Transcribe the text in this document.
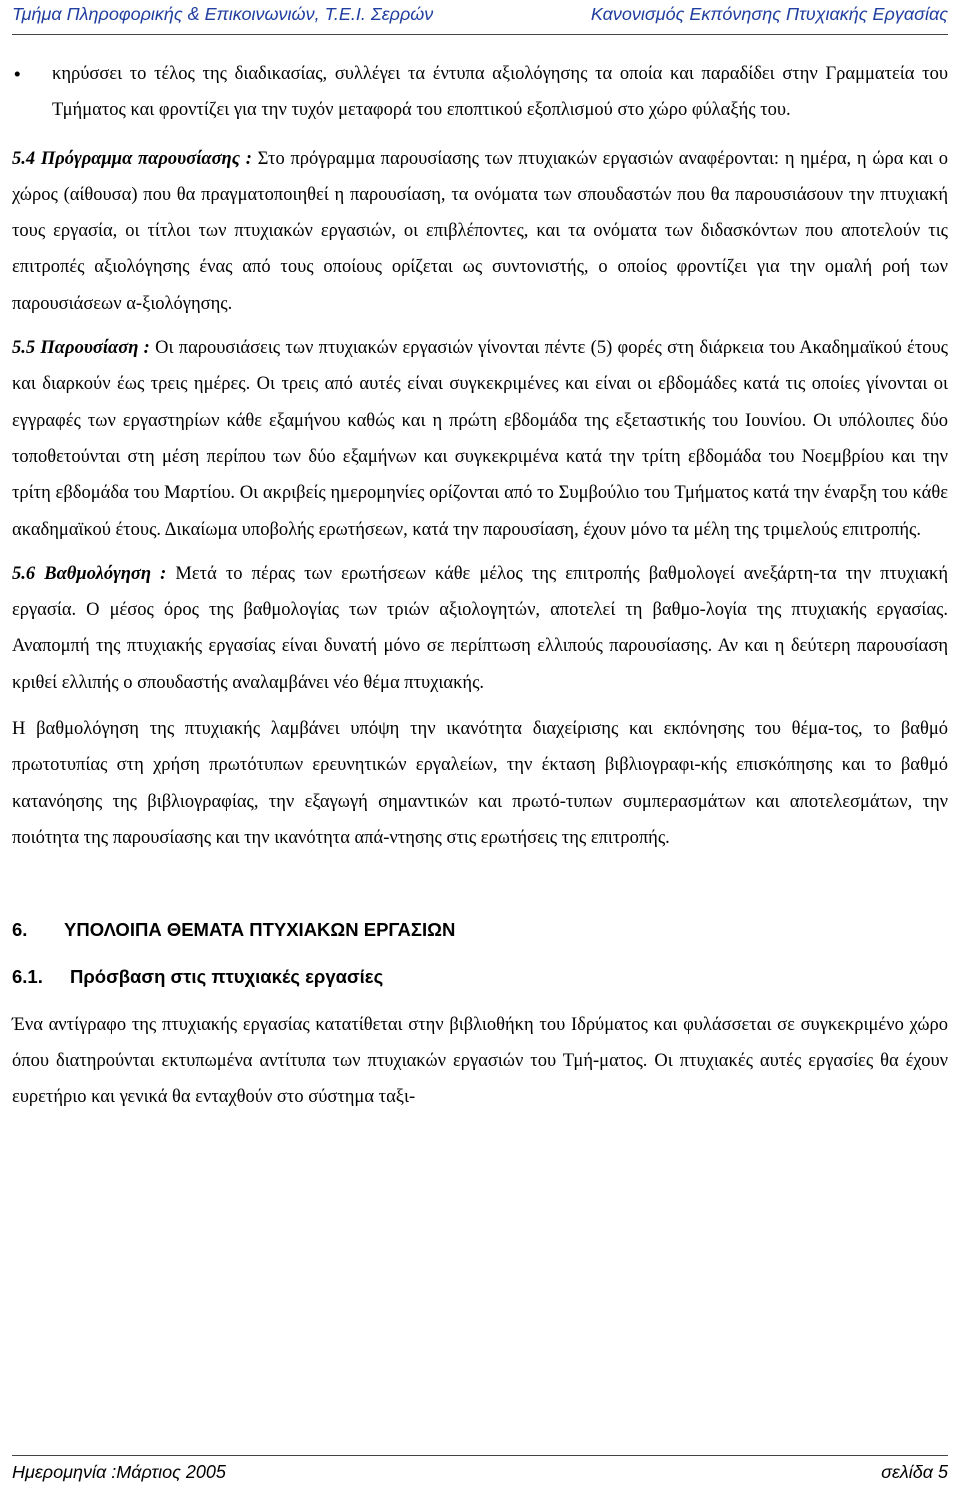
Τμήμα Πληροφορικής & Επικοινωνιών, Τ.Ε.Ι. Σερρών	Κανονισμός Εκπόνησης Πτυχιακής Εργασίας

• κηρύσσει το τέλος της διαδικασίας, συλλέγει τα έντυπα αξιολόγησης τα οποία και παραδίδει στην Γραμματεία του Τμήματος και φροντίζει για την τυχόν μεταφορά του εποπτικού εξοπλισμού στο χώρο φύλαξής του.

5.4 Πρόγραμμα παρουσίασης : Στο πρόγραμμα παρουσίασης των πτυχιακών εργασιών αναφέρονται: η ημέρα, η ώρα και ο χώρος (αίθουσα) που θα πραγματοποιηθεί η παρουσίαση, τα ονόματα των σπουδαστών που θα παρουσιάσουν την πτυχιακή τους εργασία, οι τίτλοι των πτυχιακών εργασιών, οι επιβλέποντες, και τα ονόματα των διδασκόντων που αποτελούν τις επιτροπές αξιολόγησης ένας από τους οποίους ορίζεται ως συντονιστής, ο οποίος φροντίζει για την ομαλή ροή των παρουσιάσεων α-ξιολόγησης.

5.5 Παρουσίαση : Οι παρουσιάσεις των πτυχιακών εργασιών γίνονται πέντε (5) φορές στη διάρκεια του Ακαδημαϊκού έτους και διαρκούν έως τρεις ημέρες. Οι τρεις από αυτές είναι συγκεκριμένες και είναι οι εβδομάδες κατά τις οποίες γίνονται οι εγγραφές των εργαστηρίων κάθε εξαμήνου καθώς και η πρώτη εβδομάδα της εξεταστικής του Ιουνίου. Οι υπόλοιπες δύο τοποθετούνται στη μέση περίπου των δύο εξαμήνων και συγκεκριμένα κατά την τρίτη εβδομάδα του Νοεμβρίου και την τρίτη εβδομάδα του Μαρτίου. Οι ακριβείς ημερομηνίες ορίζονται από το Συμβούλιο του Τμήματος κατά την έναρξη του κάθε ακαδημαϊκού έτους. Δικαίωμα υποβολής ερωτήσεων, κατά την παρουσίαση, έχουν μόνο τα μέλη της τριμελούς επιτροπής.

5.6 Βαθμολόγηση : Μετά το πέρας των ερωτήσεων κάθε μέλος της επιτροπής βαθμολογεί ανεξάρτη-τα την πτυχιακή εργασία. Ο μέσος όρος της βαθμολογίας των τριών αξιολογητών, αποτελεί τη βαθμο-λογία της πτυχιακής εργασίας. Αναπομπή της πτυχιακής εργασίας είναι δυνατή μόνο σε περίπτωση ελλιπούς παρουσίασης. Αν και η δεύτερη παρουσίαση κριθεί ελλιπής ο σπουδαστής αναλαμβάνει νέο θέμα πτυχιακής.

Η βαθμολόγηση της πτυχιακής λαμβάνει υπόψη την ικανότητα διαχείρισης και εκπόνησης του θέμα-τος, το βαθμό πρωτοτυπίας στη χρήση πρωτότυπων ερευνητικών εργαλείων, την έκταση βιβλιογραφι-κής επισκόπησης και το βαθμό κατανόησης της βιβλιογραφίας, την εξαγωγή σημαντικών και πρωτό-τυπων συμπερασμάτων και αποτελεσμάτων, την ποιότητα της παρουσίασης και την ικανότητα απά-ντησης στις ερωτήσεις της επιτροπής.

6. ΥΠΟΛΟΙΠΑ ΘΕΜΑΤΑ ΠΤΥΧΙΑΚΩΝ ΕΡΓΑΣΙΩΝ

6.1. Πρόσβαση στις πτυχιακές εργασίες

Ένα αντίγραφο της πτυχιακής εργασίας κατατίθεται στην βιβλιοθήκη του Ιδρύματος και φυλάσσεται σε συγκεκριμένο χώρο όπου διατηρούνται εκτυπωμένα αντίτυπα των πτυχιακών εργασιών του Τμή-ματος. Οι πτυχιακές αυτές εργασίες θα έχουν ευρετήριο και γενικά θα ενταχθούν στο σύστημα ταξι-

Ημερομηνία :Μάρτιος 2005	σελίδα 5
